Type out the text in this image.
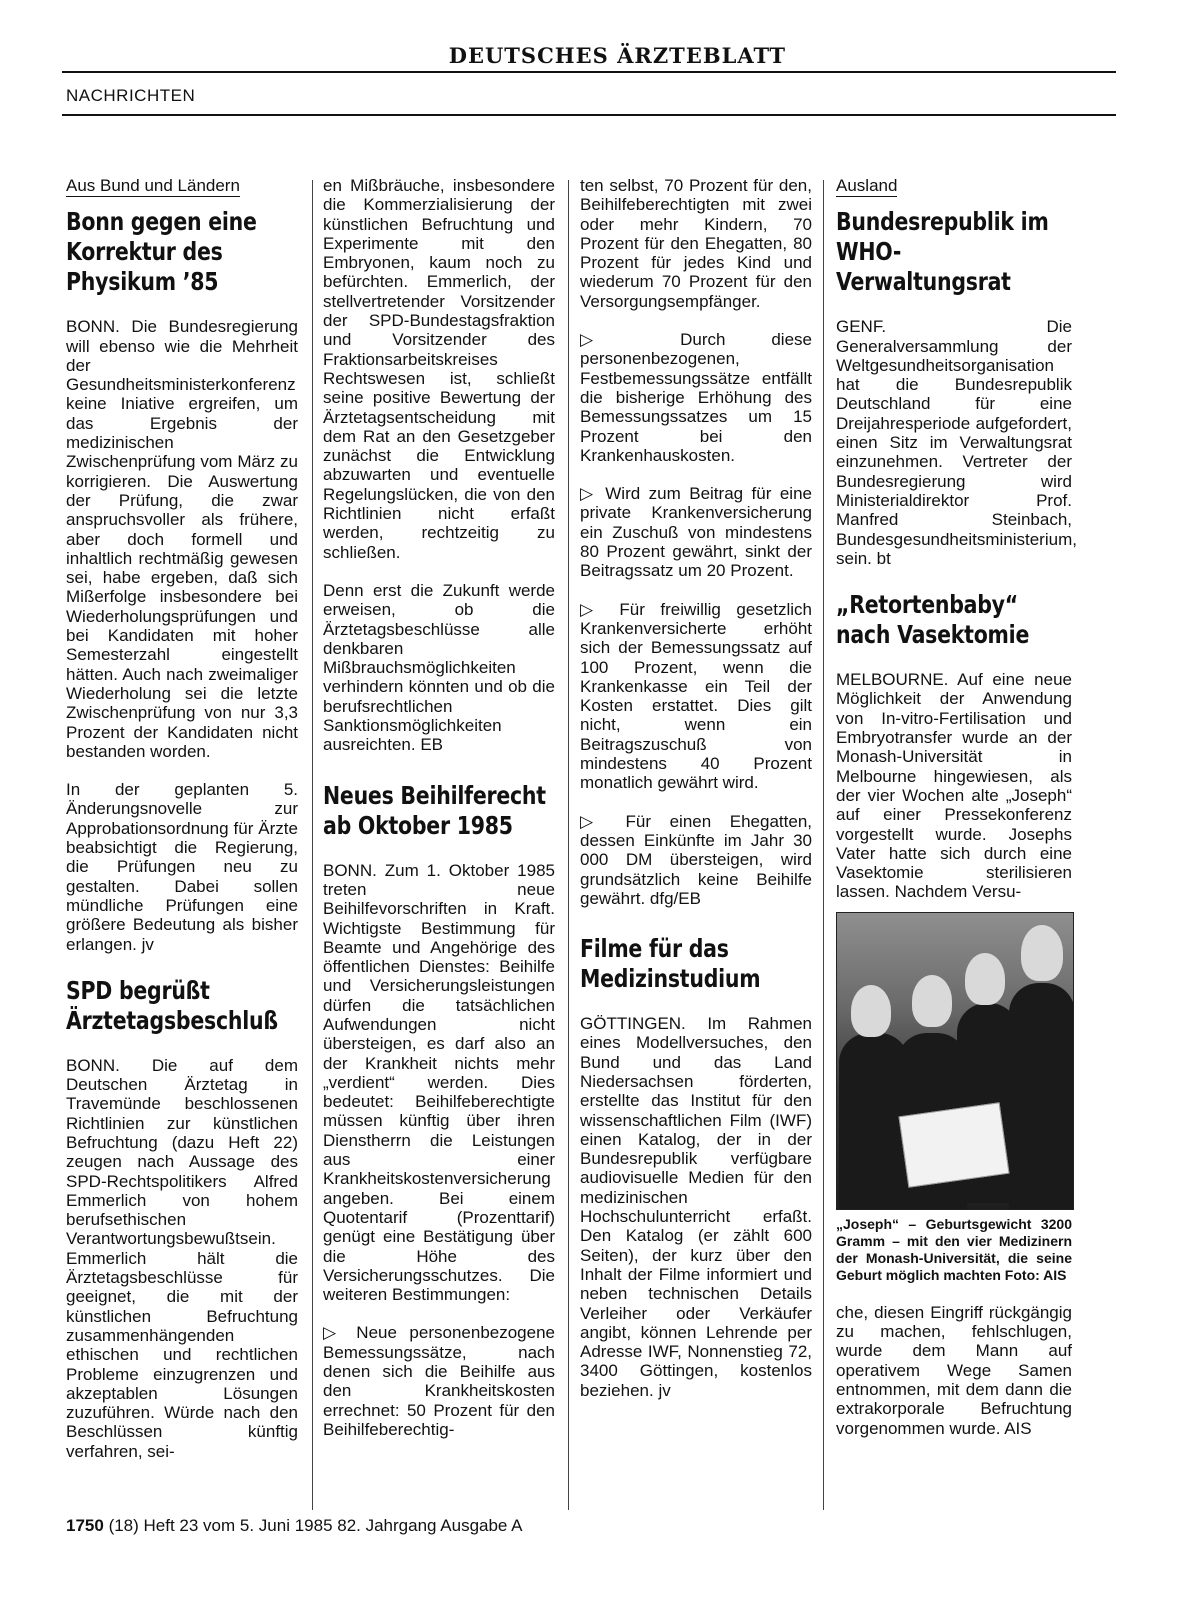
DEUTSCHES ÄRZTEBLATT
NACHRICHTEN
Aus Bund und Ländern
Bonn gegen eine Korrektur des Physikum ’85

BONN. Die Bundesregierung will ebenso wie die Mehrheit der Gesundheitsministerkonferenz keine Iniative ergreifen, um das Ergebnis der medizinischen Zwischenprüfung vom März zu korrigieren. Die Auswertung der Prüfung, die zwar anspruchsvoller als frühere, aber doch formell und inhaltlich rechtmäßig gewesen sei, habe ergeben, daß sich Mißerfolge insbesondere bei Wiederholungsprüfungen und bei Kandidaten mit hoher Semesterzahl eingestellt hätten. Auch nach zweimaliger Wiederholung sei die letzte Zwischenprüfung von nur 3,3 Prozent der Kandidaten nicht bestanden worden.

In der geplanten 5. Änderungsnovelle zur Approbationsordnung für Ärzte beabsichtigt die Regierung, die Prüfungen neu zu gestalten. Dabei sollen mündliche Prüfungen eine größere Bedeutung als bisher erlangen. jv

SPD begrüßt Ärztetagsbeschluß

BONN. Die auf dem Deutschen Ärztetag in Travemünde beschlossenen Richtlinien zur künstlichen Befruchtung (dazu Heft 22) zeugen nach Aussage des SPD-Rechtspolitikers Alfred Emmerlich von hohem berufsethischen Verantwortungsbewußtsein. Emmerlich hält die Ärztetagsbeschlüsse für geeignet, die mit der künstlichen Befruchtung zusammenhängenden ethischen und rechtlichen Probleme einzugrenzen und akzeptablen Lösungen zuzuführen. Würde nach den Beschlüssen künftig verfahren, sei-

en Mißbräuche, insbesondere die Kommerzialisierung der künstlichen Befruchtung und Experimente mit den Embryonen, kaum noch zu befürchten. Emmerlich, der stellvertretender Vorsitzender der SPD-Bundestagsfraktion und Vorsitzender des Fraktionsarbeitskreises Rechtswesen ist, schließt seine positive Bewertung der Ärztetagsentscheidung mit dem Rat an den Gesetzgeber zunächst die Entwicklung abzuwarten und eventuelle Regelungslücken, die von den Richtlinien nicht erfaßt werden, rechtzeitig zu schließen.

Denn erst die Zukunft werde erweisen, ob die Ärztetagsbeschlüsse alle denkbaren Mißbrauchsmöglichkeiten verhindern könnten und ob die berufsrechtlichen Sanktionsmöglichkeiten ausreichten. EB

Neues Beihilferecht ab Oktober 1985

BONN. Zum 1. Oktober 1985 treten neue Beihilfevorschriften in Kraft. Wichtigste Bestimmung für Beamte und Angehörige des öffentlichen Dienstes: Beihilfe und Versicherungsleistungen dürfen die tatsächlichen Aufwendungen nicht übersteigen, es darf also an der Krankheit nichts mehr „verdient“ werden. Dies bedeutet: Beihilfeberechtigte müssen künftig über ihren Dienstherrn die Leistungen aus einer Krankheitskostenversicherung angeben. Bei einem Quotentarif (Prozenttarif) genügt eine Bestätigung über die Höhe des Versicherungsschutzes. Die weiteren Bestimmungen:

▷ Neue personenbezogene Bemessungssätze, nach denen sich die Beihilfe aus den Krankheitskosten errechnet: 50 Prozent für den Beihilfeberechtig-

ten selbst, 70 Prozent für den, Beihilfeberechtigten mit zwei oder mehr Kindern, 70 Prozent für den Ehegatten, 80 Prozent für jedes Kind und wiederum 70 Prozent für den Versorgungsempfänger.

▷ Durch diese personenbezogenen, Festbemessungssätze entfällt die bisherige Erhöhung des Bemessungssatzes um 15 Prozent bei den Krankenhauskosten.

▷ Wird zum Beitrag für eine private Krankenversicherung ein Zuschuß von mindestens 80 Prozent gewährt, sinkt der Beitragssatz um 20 Prozent.

▷ Für freiwillig gesetzlich Krankenversicherte erhöht sich der Bemessungssatz auf 100 Prozent, wenn die Krankenkasse ein Teil der Kosten erstattet. Dies gilt nicht, wenn ein Beitragszuschuß von mindestens 40 Prozent monatlich gewährt wird.

▷ Für einen Ehegatten, dessen Einkünfte im Jahr 30 000 DM übersteigen, wird grundsätzlich keine Beihilfe gewährt. dfg/EB

Filme für das Medizinstudium

GÖTTINGEN. Im Rahmen eines Modellversuches, den Bund und das Land Niedersachsen förderten, erstellte das Institut für den wissenschaftlichen Film (IWF) einen Katalog, der in der Bundesrepublik verfügbare audiovisuelle Medien für den medizinischen Hochschulunterricht erfaßt. Den Katalog (er zählt 600 Seiten), der kurz über den Inhalt der Filme informiert und neben technischen Details Verleiher oder Verkäufer angibt, können Lehrende per Adresse IWF, Nonnenstieg 72, 3400 Göttingen, kostenlos beziehen. jv

Ausland
Bundesrepublik im WHO-Verwaltungsrat

GENF. Die Generalversammlung der Weltgesundheitsorganisation hat die Bundesrepublik Deutschland für eine Dreijahresperiode aufgefordert, einen Sitz im Verwaltungsrat einzunehmen. Vertreter der Bundesregierung wird Ministerialdirektor Prof. Manfred Steinbach, Bundesgesundheitsministerium, sein. bt

„Retortenbaby“ nach Vasektomie

MELBOURNE. Auf eine neue Möglichkeit der Anwendung von In-vitro-Fertilisation und Embryotransfer wurde an der Monash-Universität in Melbourne hingewiesen, als der vier Wochen alte „Joseph“ auf einer Pressekonferenz vorgestellt wurde. Josephs Vater hatte sich durch eine Vasektomie sterilisieren lassen. Nachdem Versu-

„Joseph“ – Geburtsgewicht 3200 Gramm – mit den vier Medizinern der Monash-Universität, die seine Geburt möglich machten Foto: AIS

che, diesen Eingriff rückgängig zu machen, fehlschlugen, wurde dem Mann auf operativem Wege Samen entnommen, mit dem dann die extrakorporale Befruchtung vorgenommen wurde. AIS

1750 (18) Heft 23 vom 5. Juni 1985 82. Jahrgang Ausgabe A
